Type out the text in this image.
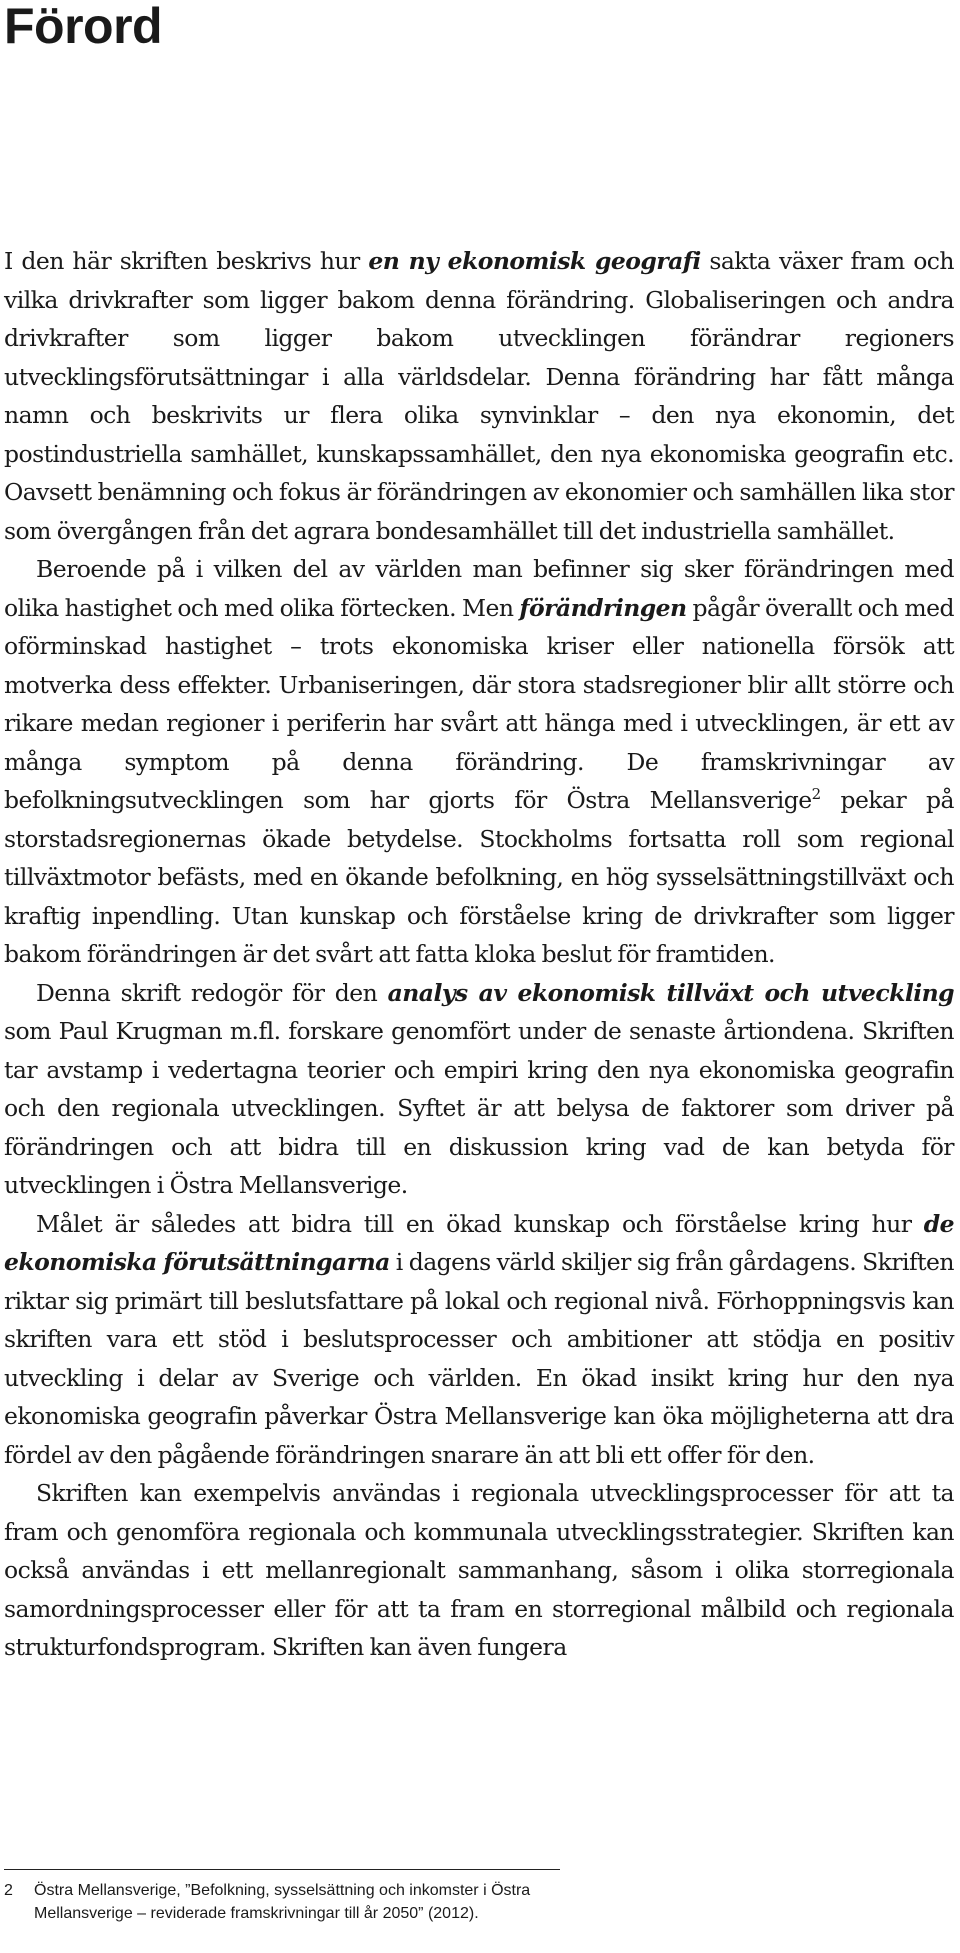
Förord

I den här skriften beskrivs hur en ny ekonomisk geografi sakta växer fram och vilka drivkrafter som ligger bakom denna förändring. Globaliseringen och andra drivkrafter som ligger bakom utvecklingen förändrar regioners utvecklingsförutsättningar i alla världsdelar. Denna förändring har fått många namn och beskrivits ur flera olika synvinklar – den nya ekonomin, det postindustriella samhället, kunskapssamhället, den nya ekonomiska geografin etc. Oavsett benämning och fokus är förändringen av ekonomier och samhällen lika stor som övergången från det agrara bondesamhället till det industriella samhället.

Beroende på i vilken del av världen man befinner sig sker förändringen med olika hastighet och med olika förtecken. Men förändringen pågår överallt och med oförminskad hastighet – trots ekonomiska kriser eller nationella försök att motverka dess effekter. Urbaniseringen, där stora stadsregioner blir allt större och rikare medan regioner i periferin har svårt att hänga med i utvecklingen, är ett av många symptom på denna förändring. De framskrivningar av befolkningsutvecklingen som har gjorts för Östra Mellansverige$^2$ pekar på storstadsregionernas ökade betydelse. Stockholms fortsatta roll som regional tillväxtmotor befästs, med en ökande befolkning, en hög sysselsättningstillväxt och kraftig inpendling. Utan kunskap och förståelse kring de drivkrafter som ligger bakom förändringen är det svårt att fatta kloka beslut för framtiden.

Denna skrift redogör för den analys av ekonomisk tillväxt och utveckling som Paul Krugman m.fl. forskare genomfört under de senaste årtiondena. Skriften tar avstamp i vedertagna teorier och empiri kring den nya ekonomiska geografin och den regionala utvecklingen. Syftet är att belysa de faktorer som driver på förändringen och att bidra till en diskussion kring vad de kan betyda för utvecklingen i Östra Mellansverige.

Målet är således att bidra till en ökad kunskap och förståelse kring hur de ekonomiska förutsättningarna i dagens värld skiljer sig från gårdagens. Skriften riktar sig primärt till beslutsfattare på lokal och regional nivå. Förhoppningsvis kan skriften vara ett stöd i beslutsprocesser och ambitioner att stödja en positiv utveckling i delar av Sverige och världen. En ökad insikt kring hur den nya ekonomiska geografin påverkar Östra Mellansverige kan öka möjligheterna att dra fördel av den pågående förändringen snarare än att bli ett offer för den.

Skriften kan exempelvis användas i regionala utvecklingsprocesser för att ta fram och genomföra regionala och kommunala utvecklingsstrategier. Skriften kan också användas i ett mellanregionalt sammanhang, såsom i olika storregionala samordningsprocesser eller för att ta fram en storregional målbild och regionala strukturfondsprogram. Skriften kan även fungera

2 Östra Mellansverige, ”Befolkning, sysselsättning och inkomster i Östra Mellansverige – reviderade framskrivningar till år 2050” (2012).
